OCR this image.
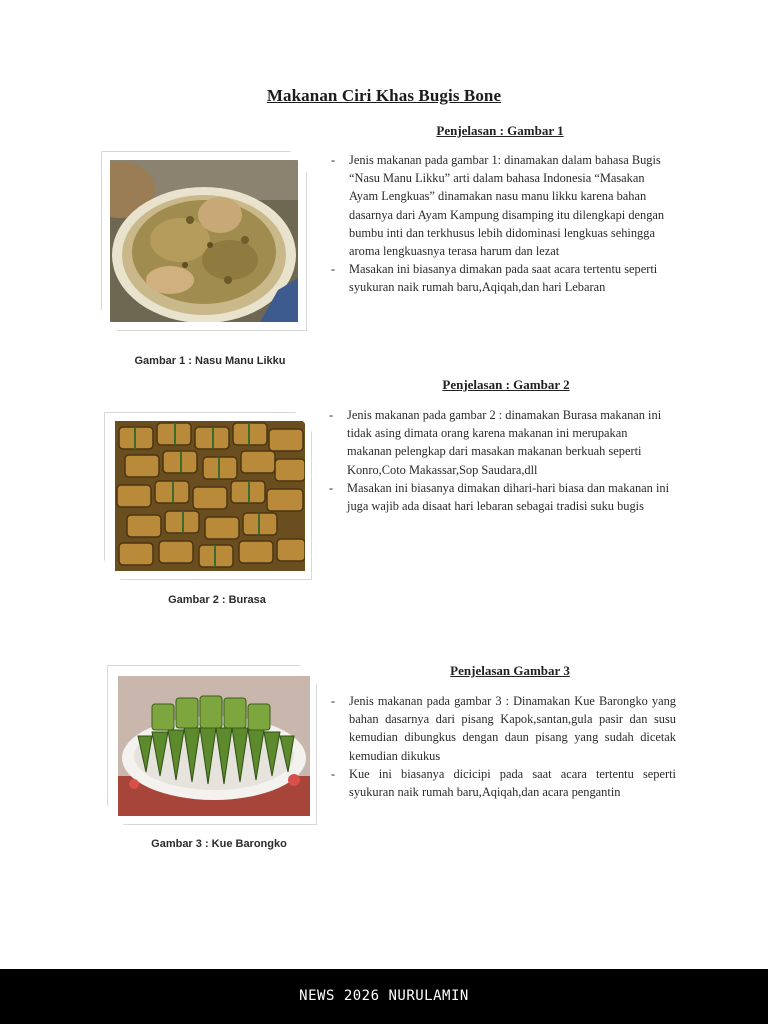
Makanan Ciri Khas Bugis Bone
Penjelasan : Gambar 1
- Jenis makanan pada gambar 1: dinamakan dalam bahasa Bugis “Nasu Manu Likku” arti dalam bahasa Indonesia “Masakan Ayam Lengkuas” dinamakan nasu manu likku karena bahan dasarnya dari Ayam Kampung disamping itu dilengkapi dengan bumbu inti dan terkhusus lebih didominasi lengkuas sehingga aroma lengkuasnya terasa harum dan lezat
- Masakan ini biasanya dimakan pada saat acara tertentu seperti syukuran naik rumah baru,Aqiqah,dan hari Lebaran
Gambar 1 : Nasu Manu Likku
Penjelasan : Gambar 2
- Jenis makanan pada gambar 2 : dinamakan Burasa makanan ini tidak asing dimata orang karena makanan ini merupakan makanan pelengkap dari masakan makanan berkuah seperti Konro,Coto Makassar,Sop Saudara,dll
- Masakan ini biasanya dimakan dihari-hari biasa dan makanan ini juga wajib ada disaat hari lebaran sebagai tradisi suku bugis
Gambar 2 : Burasa
Penjelasan Gambar 3
- Jenis makanan pada gambar 3 : Dinamakan Kue Barongko yang bahan dasarnya dari pisang Kapok,santan,gula pasir dan susu kemudian dibungkus dengan daun pisang yang sudah dicetak kemudian dikukus
- Kue ini biasanya dicicipi pada saat acara tertentu seperti syukuran naik rumah baru,Aqiqah,dan acara pengantin
Gambar 3 : Kue Barongko
NEWS 2026 NURULAMIN
